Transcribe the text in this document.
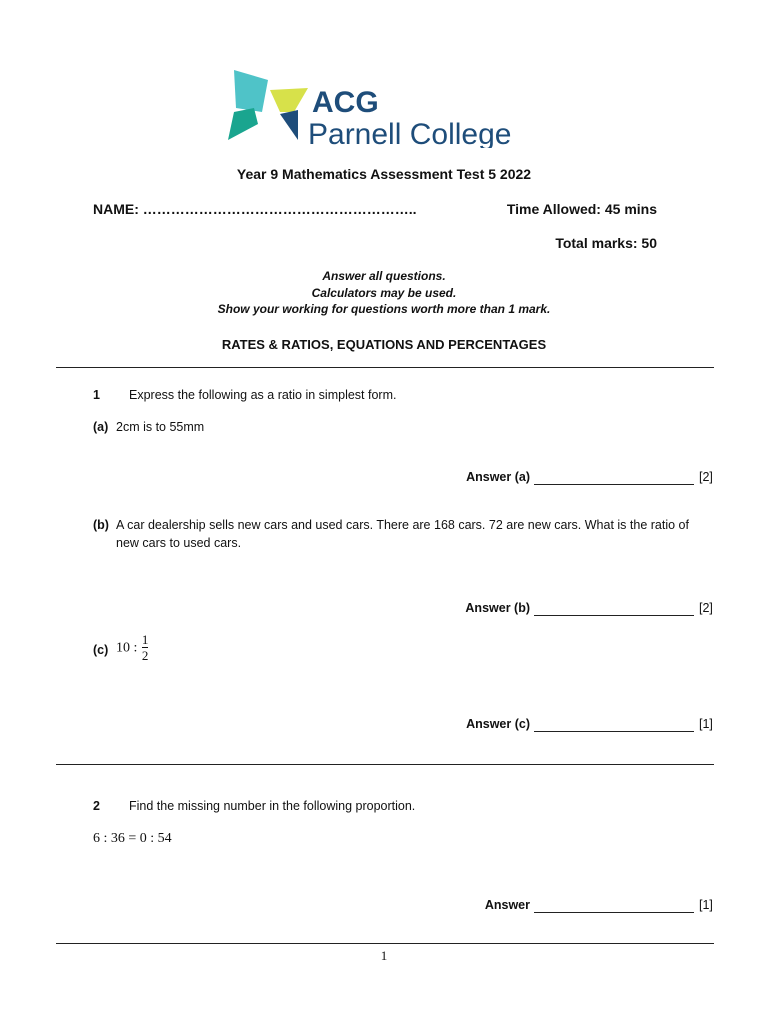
ACG
Parnell College
Year 9 Mathematics Assessment Test 5 2022
NAME: …………………………………………………..	Time Allowed: 45 mins
Total marks: 50
Answer all questions.
Calculators may be used.
Show your working for questions worth more than 1 mark.
RATES & RATIOS, EQUATIONS AND PERCENTAGES
1 Express the following as a ratio in simplest form.
(a) 2cm is to 55mm
Answer (a)	[2]
(b) A car dealership sells new cars and used cars. There are 168 cars. 72 are new cars. What is the ratio of
new cars to used cars.
Answer (b)	[2]
(c) 10 : $\frac{1}{2}$
Answer (c)	[1]
2 Find the missing number in the following proportion.
6 : 36 = 0 : 54
Answer	[1]
1
